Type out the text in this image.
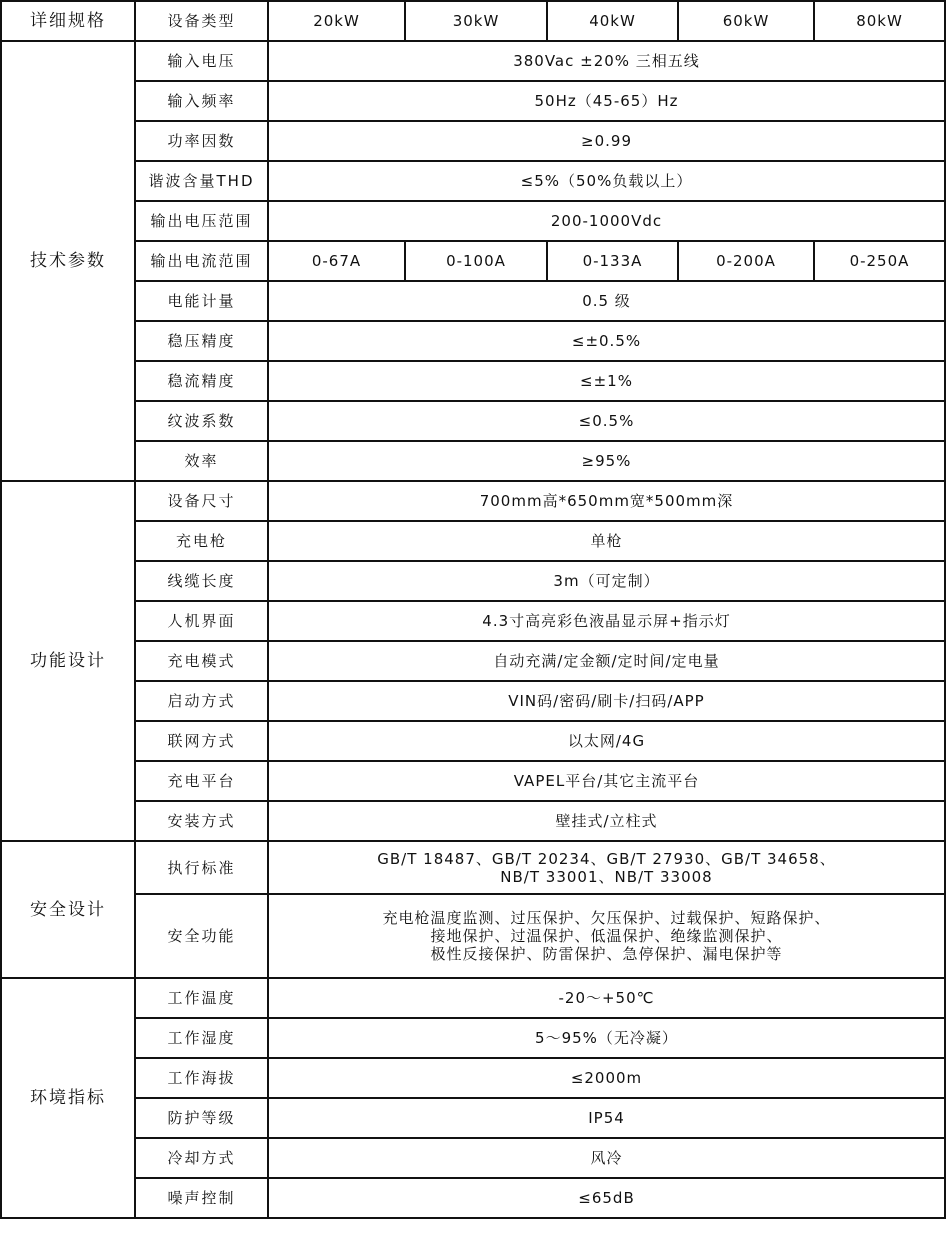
详细规格	设备类型	20kW	30kW	40kW	60kW	80kW
技术参数	输入电压	380Vac ±20% 三相五线				
	输入频率	50Hz（45-65）Hz				
	功率因数	≥0.99				
	谐波含量THD	≤5%（50%负载以上）				
	输出电压范围	200-1000Vdc				
	输出电流范围	0-67A	0-100A	0-133A	0-200A	0-250A
	电能计量	0.5 级				
	稳压精度	≤±0.5%				
	稳流精度	≤±1%				
	纹波系数	≤0.5%				
	效率	≥95%				
功能设计	设备尺寸	700mm高*650mm宽*500mm深				
	充电枪	单枪				
	线缆长度	3m（可定制）				
	人机界面	4.3寸高亮彩色液晶显示屏+指示灯				
	充电模式	自动充满/定金额/定时间/定电量				
	启动方式	VIN码/密码/刷卡/扫码/APP				
	联网方式	以太网/4G				
	充电平台	VAPEL平台/其它主流平台				
	安装方式	壁挂式/立柱式				
安全设计	执行标准	GB/T 18487、GB/T 20234、GB/T 27930、GB/T 34658、
NB/T 33001、NB/T 33008				
	安全功能	充电枪温度监测、过压保护、欠压保护、过载保护、短路保护、
接地保护、过温保护、低温保护、绝缘监测保护、
极性反接保护、防雷保护、急停保护、漏电保护等				
环境指标	工作温度	-20～+50℃				
	工作湿度	5～95%（无冷凝）				
	工作海拔	≤2000m				
	防护等级	IP54				
	冷却方式	风冷				
	噪声控制	≤65dB				
